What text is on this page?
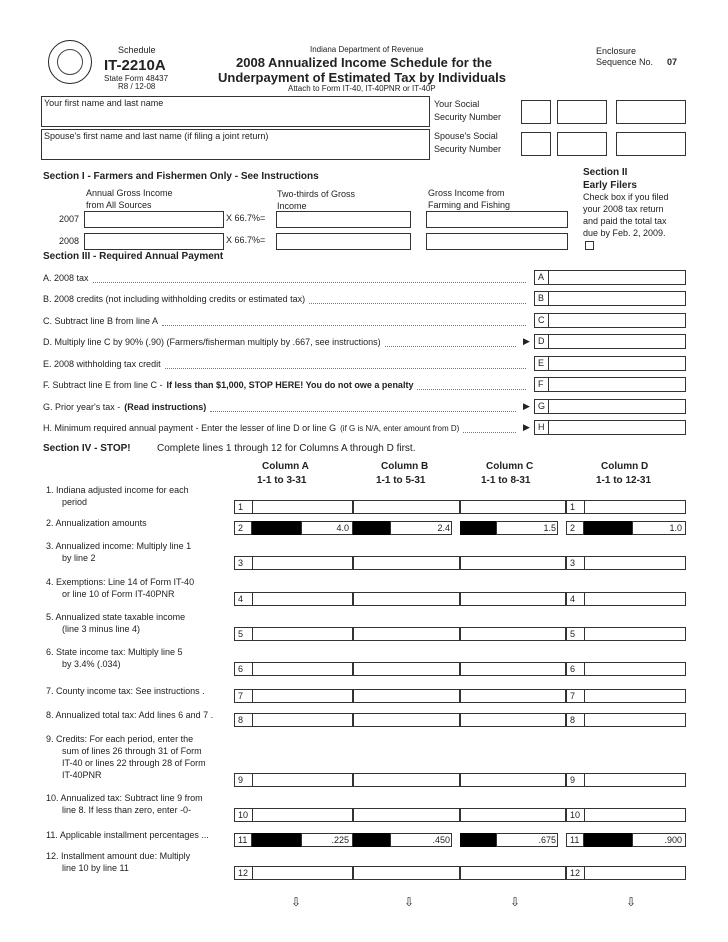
Schedule
IT-2210A
State Form 48437
R8 / 12-08
Indiana Department of Revenue
2008 Annualized Income Schedule for the
Underpayment of Estimated Tax by Individuals
Attach to Form IT-40, IT-40PNR or IT-40P
Enclosure
Sequence No. 07
Your first name and last name	Your Social
Security Number
Spouse's first name and last name (if filing a joint return)	Spouse's Social
Security Number
Section I - Farmers and Fishermen Only - See Instructions
Annual Gross Income
from All Sources
Two-thirds of Gross
Income
Gross Income from
Farming and Fishing
2007	X 66.7%=
2008	X 66.7%=
Section II
Early Filers
Check box if you filed
your 2008 tax return
and paid the total tax
due by Feb. 2, 2009.
Section III - Required Annual Payment
A. 2008 tax
B. 2008 credits (not including withholding credits or estimated tax)
C. Subtract line B from line A
D. Multiply line C by 90% (.90) (Farmers/fisherman multiply by .667, see instructions)
E. 2008 withholding tax credit
F. Subtract line E from line C -
G. Prior year's tax -
H. Minimum required annual payment - Enter the lesser of line D or line G
A
B
C
D
▶
E
F
G
▶
H
▶
If less than $1,000, STOP HERE! You do not owe a penalty
(Read instructions)
(if G is N/A, enter amount from D)
Section IV - STOP!	Complete lines 1 through 12 for Columns A through D first.
Column A
1-1 to 3-31
Column B
1-1 to 5-31
Column C
1-1 to 8-31
Column D
1-1 to 12-31
1. Indiana adjusted income for each
period	1	1
2. Annualization amounts	2	4.0	2.4	1.5 2	1.0
3. Annualized income: Multiply line 1
by line 2	3	3
4. Exemptions: Line 14 of Form IT-40
or line 10 of Form IT-40PNR	4	4
5. Annualized state taxable income
(line 3 minus line 4)	5	5
6. State income tax: Multiply line 5
by 3.4% (.034)	6	6
7. County income tax: See instructions .	7	7
8. Annualized total tax: Add lines 6 and 7 .	8	8
9. Credits: For each period, enter the
sum of lines 26 through 31 of Form
IT-40 or lines 22 through 28 of Form
IT-40PNR	9	9
10. Annualized tax: Subtract line 9 from
line 8. If less than zero, enter -0-	10	10
11. Applicable installment percentages ...	11	.225	.450	.675 11	.900
12. Installment amount due: Multiply
line 10 by line 11	12	12
⇩	⇩	⇩	⇩
